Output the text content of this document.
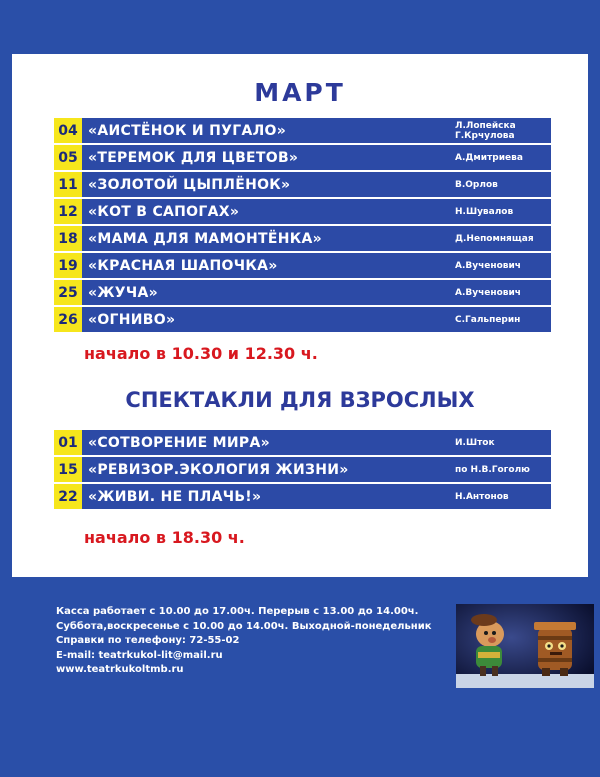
МАРТ
04 «АИСТЁНОК И ПУГАЛО»	Л.Лопейска
Г.Крчулова
05 «ТЕРЕМОК ДЛЯ ЦВЕТОВ»	А.Дмитриева
11 «ЗОЛОТОЙ ЦЫПЛЁНОК»	В.Орлов
12 «КОТ В САПОГАХ»	Н.Шувалов
18 «МАМА ДЛЯ МАМОНТЁНКА»	Д.Непомнящая
19 «КРАСНАЯ ШАПОЧКА»	А.Вученович
25 «ЖУЧА»	А.Вученович
26 «ОГНИВО»	С.Гальперин
начало в 10.30 и 12.30 ч.
СПЕКТАКЛИ ДЛЯ ВЗРОСЛЫХ
01 «СОТВОРЕНИЕ МИРА»	И.Шток
15 «РЕВИЗОР.ЭКОЛОГИЯ ЖИЗНИ»	по Н.В.Гоголю
22 «ЖИВИ. НЕ ПЛАЧЬ!»	Н.Антонов
начало в 18.30 ч.
Касса работает с 10.00 до 17.00ч. Перерыв с 13.00 до 14.00ч.
Суббота,воскресенье с 10.00 до 14.00ч. Выходной-понедельник
Справки по телефону: 72-55-02
E-mail: teatrkukol-lit@mail.ru
www.teatrkukoltmb.ru
